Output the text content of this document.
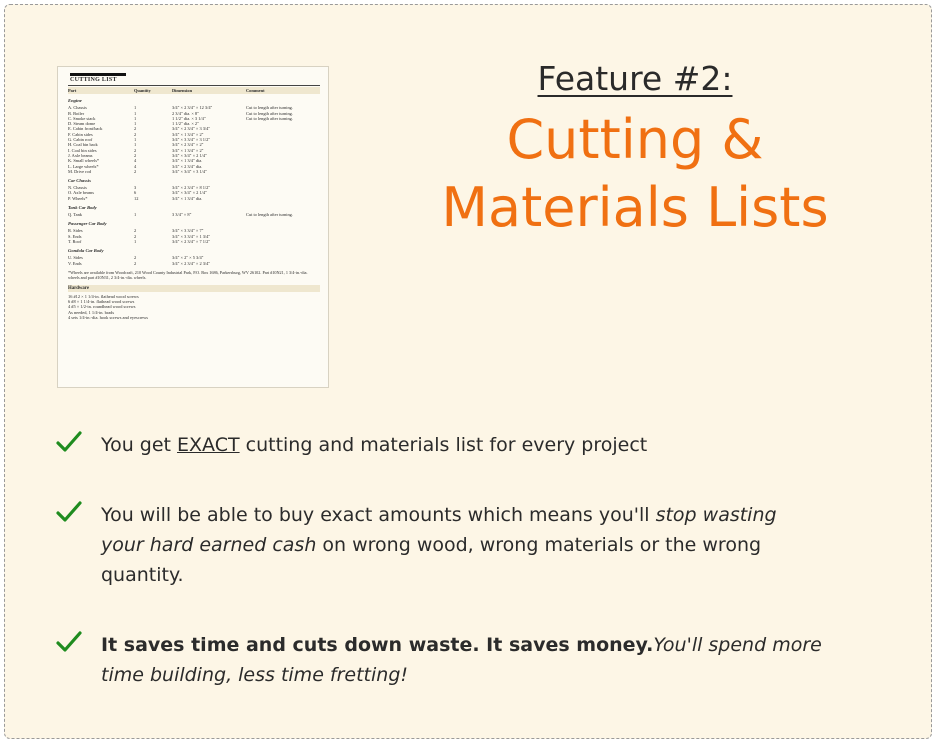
CUTTING LIST
Part	Quantity	Dimension	Comment
Engine
A. Chassis	1	3/4" × 2 3/4" × 12 3/4"	Cut to length after turning.
B. Boiler	1	2 3/4" dia. × 8"	Cut to length after turning.
C. Smoke stack	1	1 1/2" dia. × 3 1/4"	Cut to length after turning.
D. Steam dome	1	1 1/2" dia. × 2"
E. Cabin front/back	2	3/4" × 2 3/4" × 3 3/4"
F. Cabin sides	2	3/4" × 1 3/4" × 2"
G. Cabin roof	1	3/4" × 3 3/4" × 3 1/2"
H. Coal bin back	1	3/4" × 2 3/4" × 2"
I. Coal bin sides	2	3/4" × 1 3/4" × 2"
J. Axle beams	2	3/4" × 3/4" × 2 1/4"
K. Small wheels*	4	3/4" × 1 3/4" dia.
L. Large wheels*	4	3/4" × 2 3/4" dia.
M. Drive rod	2	3/4" × 3/4" × 3 1/4"
Car Chassis
N. Chassis	3	3/4" × 2 3/4" × 8 1/2"
O. Axle beams	6	3/4" × 3/4" × 2 1/4"
P. Wheels*	12	3/4" × 1 3/4" dia.
Tank Car Body
Q. Tank	1	3 3/4" × 8"	Cut to length after turning.
Passenger Car Body
R. Sides	2	3/4" × 3 3/4" × 7"
S. Ends	2	3/4" × 3 3/4" × 1 3/4"
T. Roof	1	3/4" × 2 3/4" × 7 1/2"
Gondola Car Body
U. Sides	2	3/4" × 2" × 5 3/4"
V. Ends	2	3/4" × 2 3/4" × 2 3/4"
*Wheels are available from Woodcraft, 210 Wood County Industrial Park, P.O. Box 1686, Parkersburg, WV 26102. Part #10N21, 1 3/4-in.-dia. wheels and part #10N31, 2 3/4-in.-dia. wheels.
Hardware
16 #12 × 1 1/4-in. flathead wood screws
6 #8 × 1 1/4-in. flathead wood screws
4 #5 × 1/2-in. roundhead wood screws
As needed, 1 1/4-in. brads
4 sets 1/4-in.-dia. hook screws and eyescrews
Feature #2:
Cutting &
Materials Lists
You get EXACT cutting and materials list for every project
You will be able to buy exact amounts which means you'll stop wasting
your hard earned cash on wrong wood, wrong materials or the wrong
quantity.
It saves time and cuts down waste. It saves money.You'll spend more
time building, less time fretting!
